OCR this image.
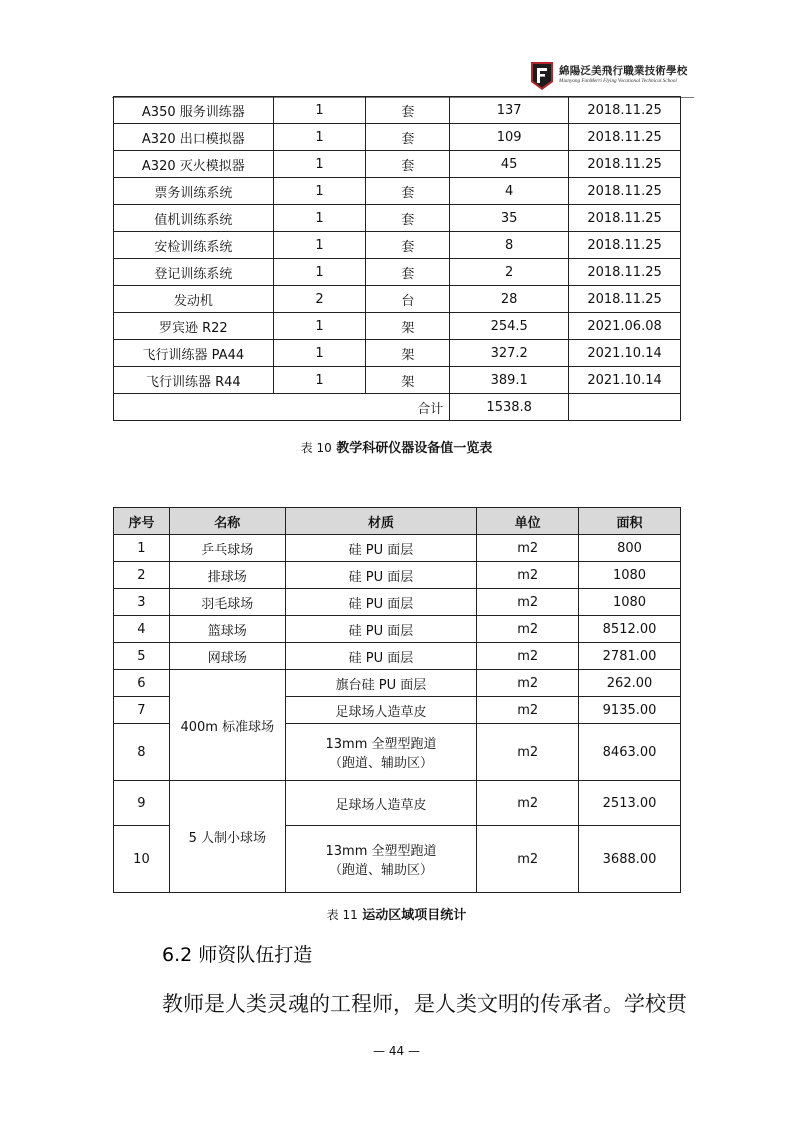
綿陽泛美飛行職業技術學校
Mianyang FanMerri Flying Vocational Technical School
A350 服务训练器	1	套	137	2018.11.25
A320 出口模拟器	1	套	109	2018.11.25
A320 灭火模拟器	1	套	45	2018.11.25
票务训练系统	1	套	4	2018.11.25
值机训练系统	1	套	35	2018.11.25
安检训练系统	1	套	8	2018.11.25
登记训练系统	1	套	2	2018.11.25
发动机	2	台	28	2018.11.25
罗宾逊 R22	1	架	254.5	2021.06.08
飞行训练器 PA44	1	架	327.2	2021.10.14
飞行训练器 R44	1	架	389.1	2021.10.14
合计			1538.8	
表 10 教学科研仪器设备值一览表
序号	名称	材质	单位	面积
1	乒乓球场	硅 PU 面层	m2	800
2	排球场	硅 PU 面层	m2	1080
3	羽毛球场	硅 PU 面层	m2	1080
4	篮球场	硅 PU 面层	m2	8512.00
5	网球场	硅 PU 面层	m2	2781.00
6	400m 标准球场	旗台硅 PU 面层	m2	262.00
7		足球场人造草皮	m2	9135.00
8		13mm 全塑型跑道
（跑道、辅助区）	m2	8463.00
9	5 人制小球场	足球场人造草皮	m2	2513.00
10		13mm 全塑型跑道
（跑道、辅助区）	m2	3688.00
表 11 运动区域项目统计
6.2 师资队伍打造
教师是人类灵魂的工程师，是人类文明的传承者。学校贯
— 44 —
